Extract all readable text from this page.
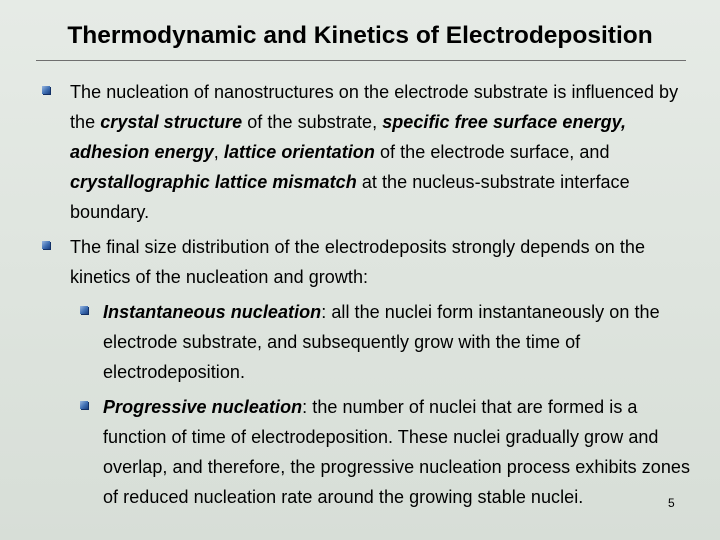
Thermodynamic and Kinetics of Electrodeposition

The nucleation of nanostructures on the electrode substrate is influenced by the crystal structure of the substrate, specific free surface energy, adhesion energy, lattice orientation of the electrode surface, and crystallographic lattice mismatch at the nucleus-substrate interface boundary.

The final size distribution of the electrodeposits strongly depends on the kinetics of the nucleation and growth:

Instantaneous nucleation: all the nuclei form instantaneously on the electrode substrate, and subsequently grow with the time of electrodeposition.

Progressive nucleation: the number of nuclei that are formed is a function of time of electrodeposition. These nuclei gradually grow and overlap, and therefore, the progressive nucleation process exhibits zones of reduced nucleation rate around the growing stable nuclei.	5
